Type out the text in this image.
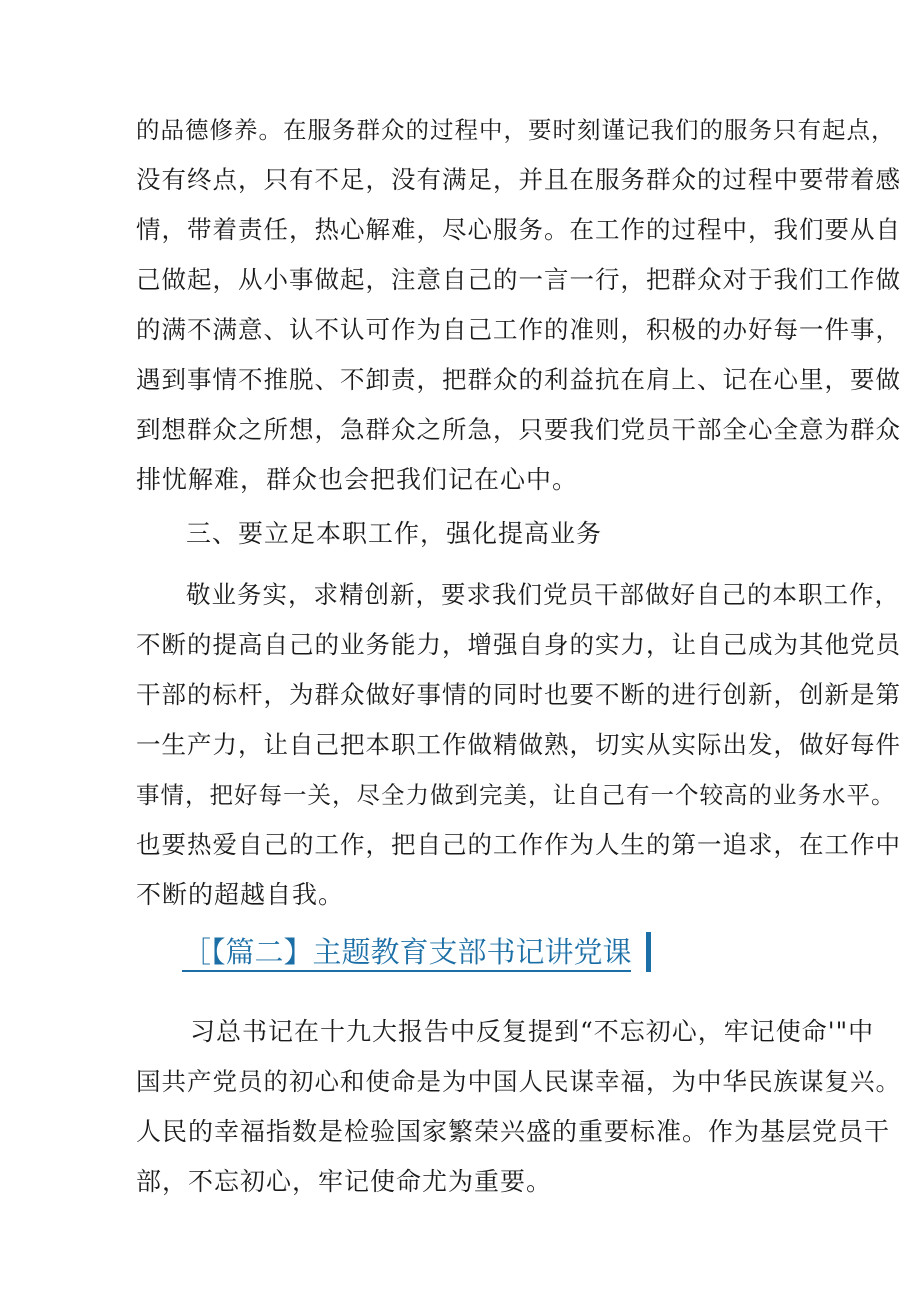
的品德修养。在服务群众的过程中，要时刻谨记我们的服务只有起点，
没有终点，只有不足，没有满足，并且在服务群众的过程中要带着感
情，带着责任，热心解难，尽心服务。在工作的过程中，我们要从自
己做起，从小事做起，注意自己的一言一行，把群众对于我们工作做
的满不满意、认不认可作为自己工作的准则，积极的办好每一件事，
遇到事情不推脱、不卸责，把群众的利益抗在肩上、记在心里，要做
到想群众之所想，急群众之所急，只要我们党员干部全心全意为群众
排忧解难，群众也会把我们记在心中。
三、要立足本职工作，强化提高业务
敬业务实，求精创新，要求我们党员干部做好自己的本职工作，
不断的提高自己的业务能力，增强自身的实力，让自己成为其他党员
干部的标杆，为群众做好事情的同时也要不断的进行创新，创新是第
一生产力，让自己把本职工作做精做熟，切实从实际出发，做好每件
事情，把好每一关，尽全力做到完美，让自己有一个较高的业务水平。
也要热爱自己的工作，把自己的工作作为人生的第一追求，在工作中
不断的超越自我。
［【篇二】主题教育支部书记讲党课
习总书记在十九大报告中反复提到“不忘初心，牢记使命'"中
国共产党员的初心和使命是为中国人民谋幸福，为中华民族谋复兴。
人民的幸福指数是检验国家繁荣兴盛的重要标准。作为基层党员干
部，不忘初心，牢记使命尤为重要。
